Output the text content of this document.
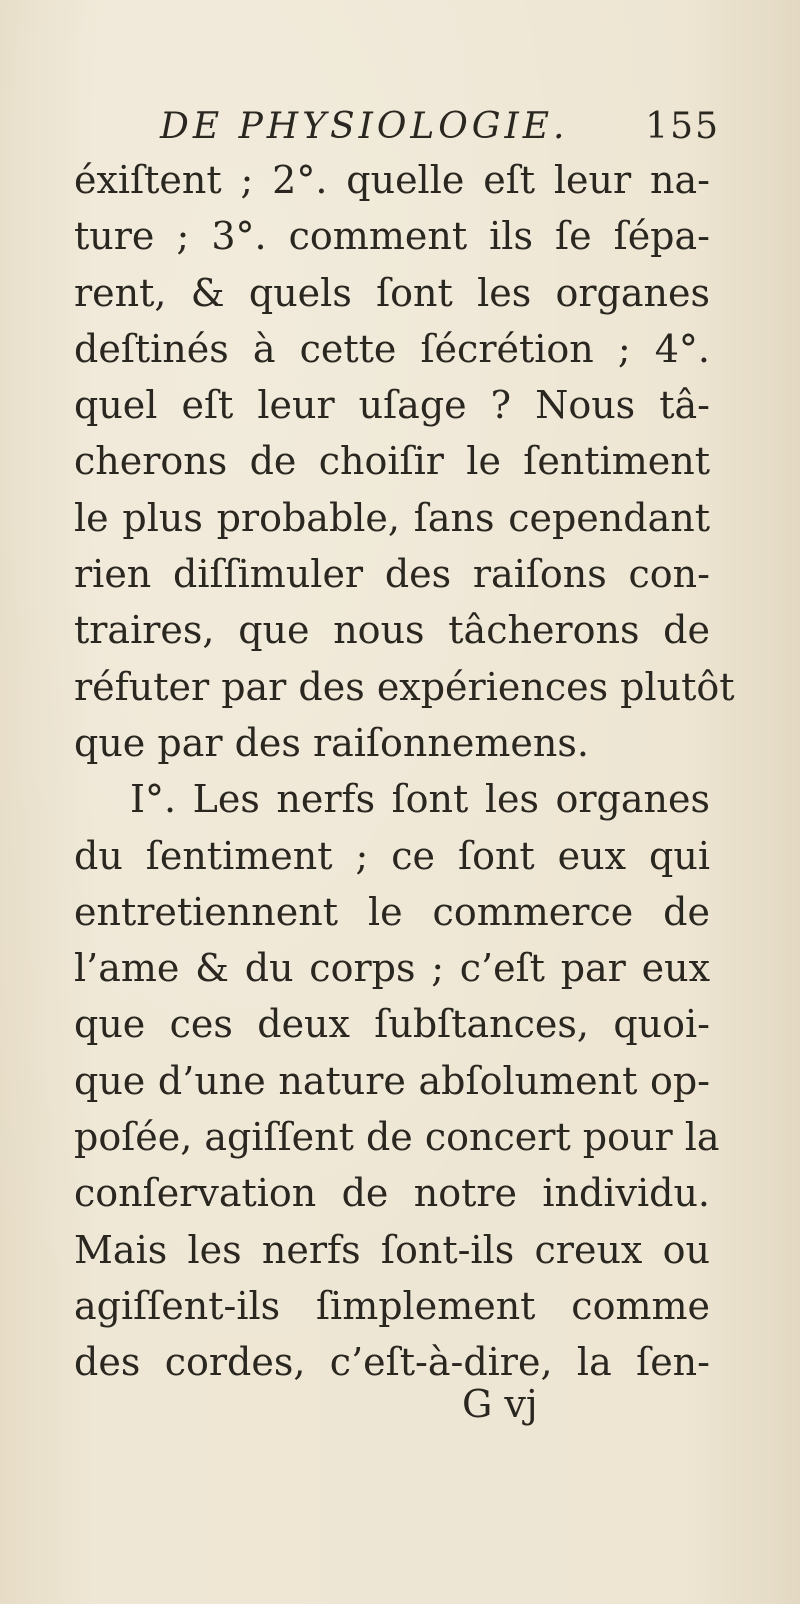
DE PHYSIOLOGIE. 155
éxiſtent ; 2°. quelle eſt leur na-
ture ; 3°. comment ils ſe ſépa-
rent, & quels ſont les organes
deſtinés à cette ſécrétion ; 4°.
quel eſt leur uſage ? Nous tâ-
cherons de choiſir le ſentiment
le plus probable, ſans cependant
rien diſſimuler des raiſons con-
traires, que nous tâcherons de
réfuter par des expériences plutôt
que par des raiſonnemens.
I°. Les nerfs ſont les organes
du ſentiment ; ce ſont eux qui
entretiennent le commerce de
l’ame & du corps ; c’eſt par eux
que ces deux ſubſtances, quoi-
que d’une nature abſolument op-
poſée, agiſſent de concert pour la
conſervation de notre individu.
Mais les nerfs ſont-ils creux ou
agiſſent-ils ſimplement comme
des cordes, c’eſt-à-dire, la ſen-
G vj
